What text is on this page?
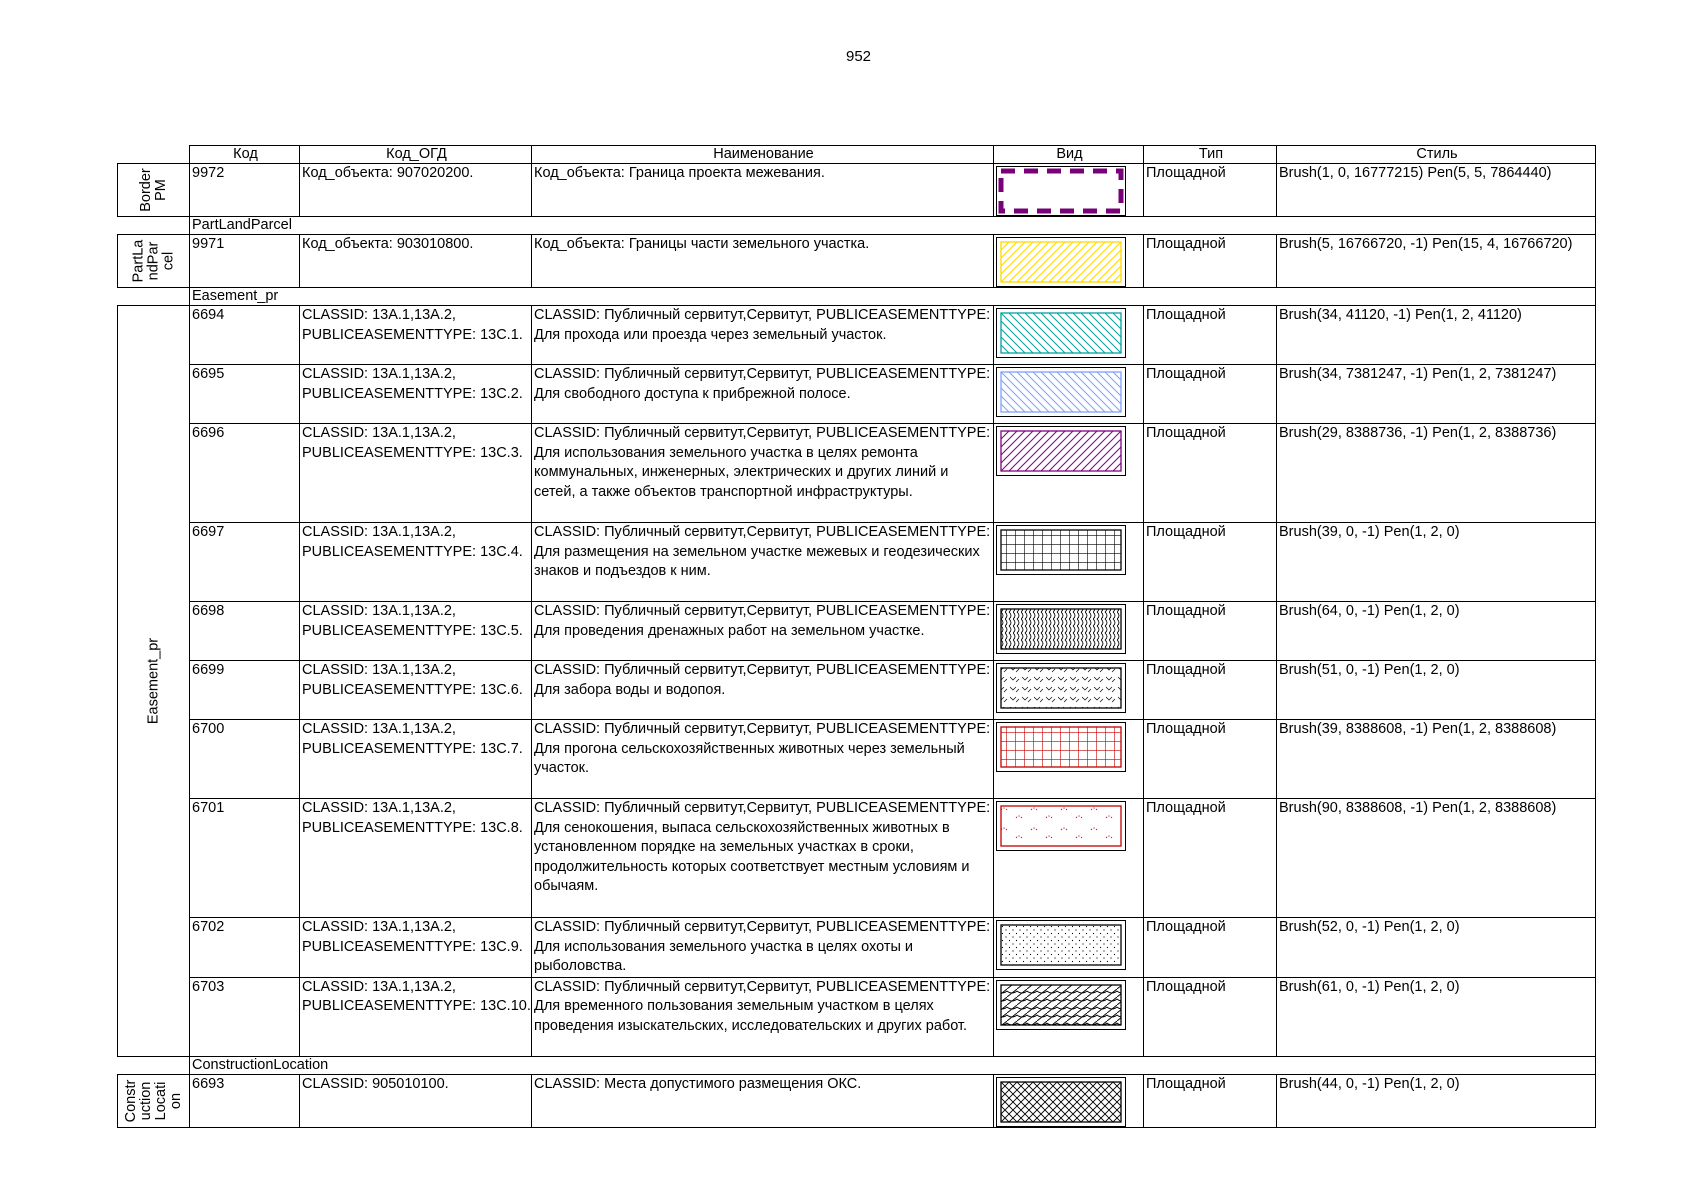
952
	Код	Код_ОГД	Наименование	Вид	Тип	Стиль

Border
PM	9972	Код_объекта: 907020200.	Код_объекта: Граница проекта межевания.		Площадной	Brush(1, 0, 16777215) Pen(5, 5, 7864440)
	PartLandParcel					

PartLa
ndPar
cel	9971	Код_объекта: 903010800.	Код_объекта: Границы части земельного участка.		Площадной	Brush(5, 16766720, -1) Pen(15, 4, 16766720)
	Easement_pr					

Easement_pr	6694	CLASSID: 13A.1,13A.2, PUBLICEASEMENTTYPE: 13C.1.	CLASSID: Публичный сервитут,Сервитут, PUBLICEASEMENTTYPE: Для прохода или проезда через земельный участок.		Площадной	Brush(34, 41120, -1) Pen(1, 2, 41120)
	6695	CLASSID: 13A.1,13A.2, PUBLICEASEMENTTYPE: 13C.2.	CLASSID: Публичный сервитут,Сервитут, PUBLICEASEMENTTYPE: Для свободного доступа к прибрежной полосе.		Площадной	Brush(34, 7381247, -1) Pen(1, 2, 7381247)
	6696	CLASSID: 13A.1,13A.2, PUBLICEASEMENTTYPE: 13C.3.	CLASSID: Публичный сервитут,Сервитут, PUBLICEASEMENTTYPE: Для использования земельного участка в целях ремонта коммунальных, инженерных, электрических и других линий и сетей, а также объектов транспортной инфраструктуры.		Площадной	Brush(29, 8388736, -1) Pen(1, 2, 8388736)
	6697	CLASSID: 13A.1,13A.2, PUBLICEASEMENTTYPE: 13C.4.	CLASSID: Публичный сервитут,Сервитут, PUBLICEASEMENTTYPE: Для размещения на земельном участке межевых и геодезических знаков и подъездов к ним.		Площадной	Brush(39, 0, -1) Pen(1, 2, 0)
	6698	CLASSID: 13A.1,13A.2, PUBLICEASEMENTTYPE: 13C.5.	CLASSID: Публичный сервитут,Сервитут, PUBLICEASEMENTTYPE: Для проведения дренажных работ на земельном участке.		Площадной	Brush(64, 0, -1) Pen(1, 2, 0)
	6699	CLASSID: 13A.1,13A.2, PUBLICEASEMENTTYPE: 13C.6.	CLASSID: Публичный сервитут,Сервитут, PUBLICEASEMENTTYPE: Для забора воды и водопоя.		Площадной	Brush(51, 0, -1) Pen(1, 2, 0)
	6700	CLASSID: 13A.1,13A.2, PUBLICEASEMENTTYPE: 13C.7.	CLASSID: Публичный сервитут,Сервитут, PUBLICEASEMENTTYPE: Для прогона сельскохозяйственных животных через земельный участок.		Площадной	Brush(39, 8388608, -1) Pen(1, 2, 8388608)
	6701	CLASSID: 13A.1,13A.2, PUBLICEASEMENTTYPE: 13C.8.	CLASSID: Публичный сервитут,Сервитут, PUBLICEASEMENTTYPE: Для сенокошения, выпаса сельскохозяйственных животных в установленном порядке на земельных участках в сроки, продолжительность которых соответствует местным условиям и обычаям.		Площадной	Brush(90, 8388608, -1) Pen(1, 2, 8388608)
	6702	CLASSID: 13A.1,13A.2, PUBLICEASEMENTTYPE: 13C.9.	CLASSID: Публичный сервитут,Сервитут, PUBLICEASEMENTTYPE: Для использования земельного участка в целях охоты и рыболовства.		Площадной	Brush(52, 0, -1) Pen(1, 2, 0)
	6703	CLASSID: 13A.1,13A.2, PUBLICEASEMENTTYPE: 13C.10.	CLASSID: Публичный сервитут,Сервитут, PUBLICEASEMENTTYPE: Для временного пользования земельным участком в целях проведения изыскательских, исследовательских и других работ.		Площадной	Brush(61, 0, -1) Pen(1, 2, 0)
	ConstructionLocation					

Constr
uction
Locati
on	6693	CLASSID: 905010100.	CLASSID: Места допустимого размещения ОКС.		Площадной	Brush(44, 0, -1) Pen(1, 2, 0)
